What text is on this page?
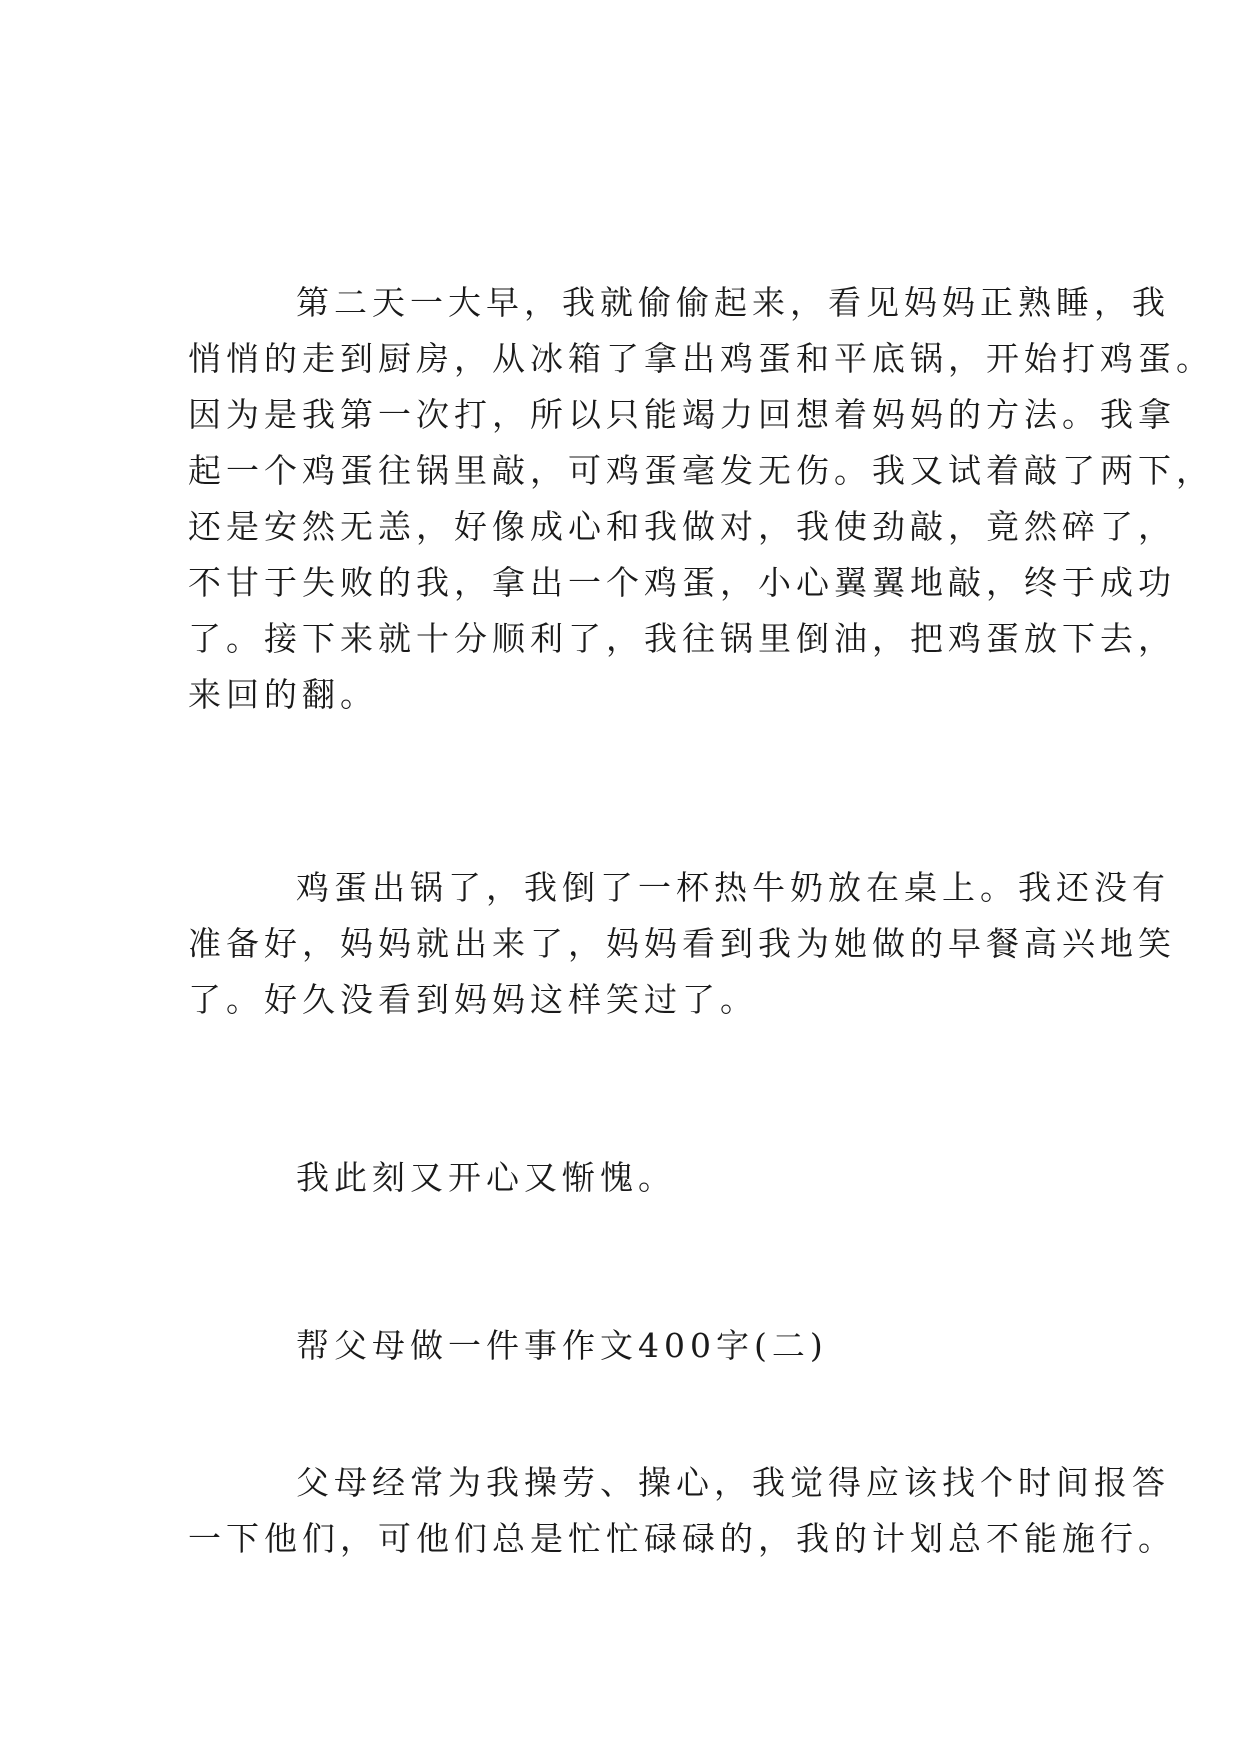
第二天一大早，我就偷偷起来，看见妈妈正熟睡，我
悄悄的走到厨房，从冰箱了拿出鸡蛋和平底锅，开始打鸡蛋。
因为是我第一次打，所以只能竭力回想着妈妈的方法。我拿
起一个鸡蛋往锅里敲，可鸡蛋毫发无伤。我又试着敲了两下，
还是安然无恙，好像成心和我做对，我使劲敲，竟然碎了，
不甘于失败的我，拿出一个鸡蛋，小心翼翼地敲，终于成功
了。接下来就十分顺利了，我往锅里倒油，把鸡蛋放下去，
来回的翻。
鸡蛋出锅了，我倒了一杯热牛奶放在桌上。我还没有
准备好，妈妈就出来了，妈妈看到我为她做的早餐高兴地笑
了。好久没看到妈妈这样笑过了。
我此刻又开心又惭愧。
帮父母做一件事作文400字(二)
父母经常为我操劳、操心，我觉得应该找个时间报答
一下他们，可他们总是忙忙碌碌的，我的计划总不能施行。
